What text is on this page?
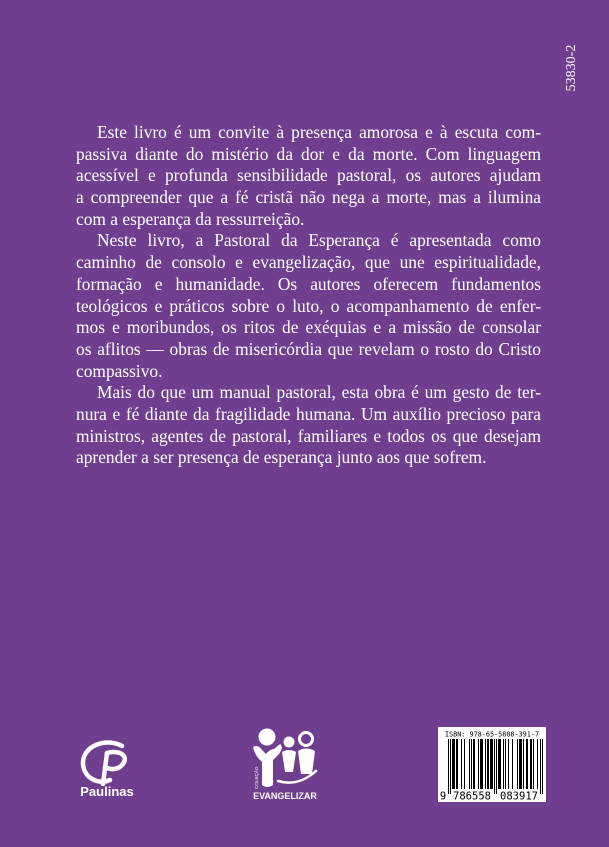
53830-2
Este livro é um convite à presença amorosa e à escuta com-
passiva diante do mistério da dor e da morte. Com linguagem
acessível e profunda sensibilidade pastoral, os autores ajudam
a compreender que a fé cristã não nega a morte, mas a ilumina
com a esperança da ressurreição.
Neste livro, a Pastoral da Esperança é apresentada como
caminho de consolo e evangelização, que une espiritualidade,
formação e humanidade. Os autores oferecem fundamentos
teológicos e práticos sobre o luto, o acompanhamento de enfer-
mos e moribundos, os ritos de exéquias e a missão de consolar
os aflitos — obras de misericórdia que revelam o rosto do Cristo
compassivo.
Mais do que um manual pastoral, esta obra é um gesto de ter-
nura e fé diante da fragilidade humana. Um auxílio precioso para
ministros, agentes de pastoral, familiares e todos os que desejam
aprender a ser presença de esperança junto aos que sofrem.
Paulinas
COLEÇÃO
EVANGELIZAR
ISBN: 978-65-5808-391-7
9 786558 083917
